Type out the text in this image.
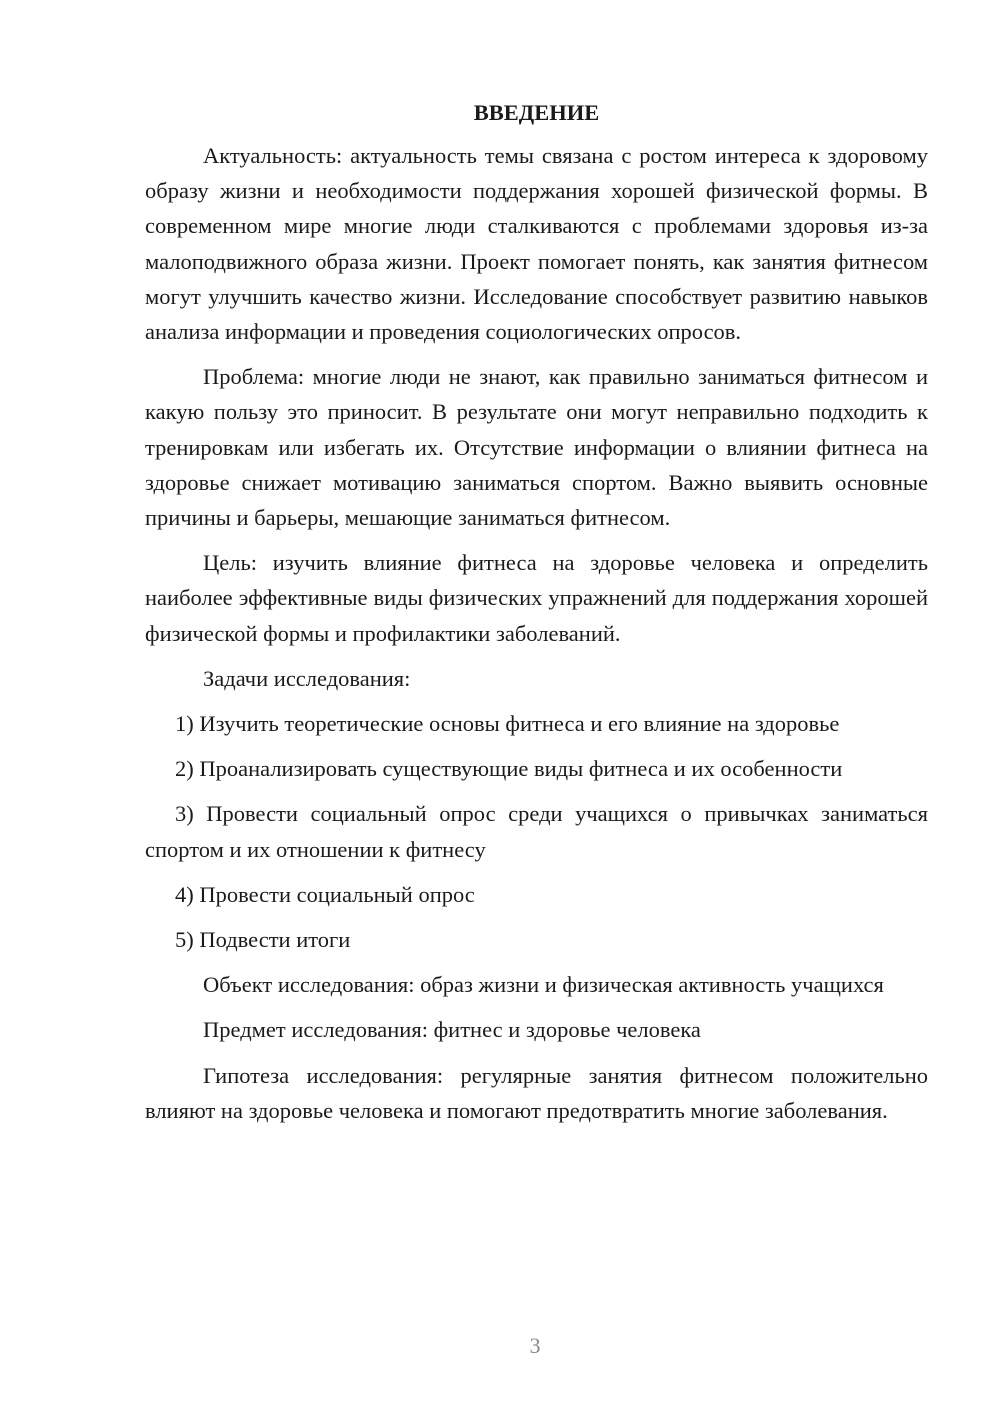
ВВЕДЕНИЕ

Актуальность: актуальность темы связана с ростом интереса к здоровому образу жизни и необходимости поддержания хорошей физической формы. В современном мире многие люди сталкиваются с проблемами здоровья из-за малоподвижного образа жизни. Проект помогает понять, как занятия фитнесом могут улучшить качество жизни. Исследование способствует развитию навыков анализа информации и проведения социологических опросов.

Проблема: многие люди не знают, как правильно заниматься фитнесом и какую пользу это приносит. В результате они могут неправильно подходить к тренировкам или избегать их. Отсутствие информации о влиянии фитнеса на здоровье снижает мотивацию заниматься спортом. Важно выявить основные причины и барьеры, мешающие заниматься фитнесом.

Цель: изучить влияние фитнеса на здоровье человека и определить наиболее эффективные виды физических упражнений для поддержания хорошей физической формы и профилактики заболеваний.

Задачи исследования:

1) Изучить теоретические основы фитнеса и его влияние на здоровье

2) Проанализировать существующие виды фитнеса и их особенности

3) Провести социальный опрос среди учащихся о привычках заниматься спортом и их отношении к фитнесу

4) Провести социальный опрос

5) Подвести итоги

Объект исследования: образ жизни и физическая активность учащихся

Предмет исследования: фитнес и здоровье человека

Гипотеза исследования: регулярные занятия фитнесом положительно влияют на здоровье человека и помогают предотвратить многие заболевания.

3
